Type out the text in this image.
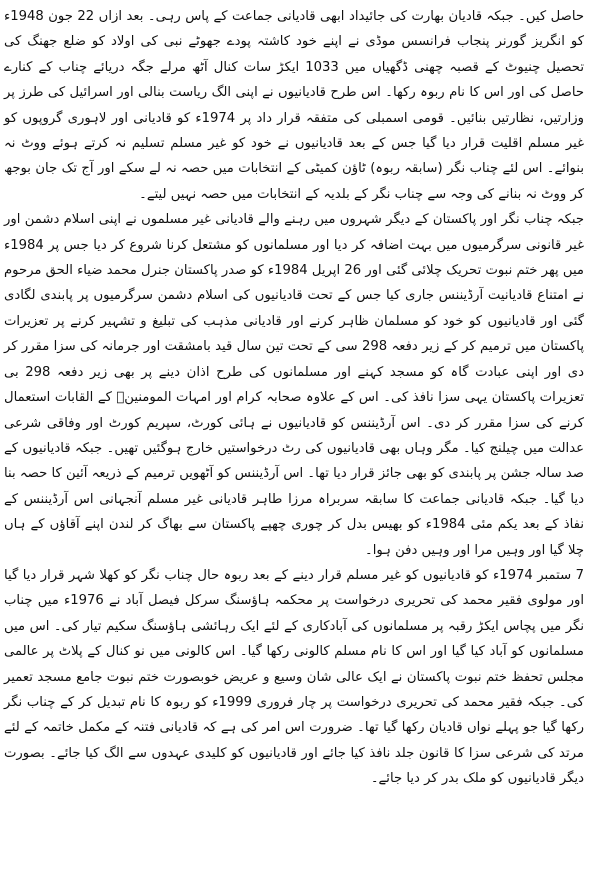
حاصل کیں۔ جبکہ قادیان بھارت کی جائیداد ابھی قادیانی جماعت کے پاس رہی۔ بعد ازاں 22 جون 1948ء کو انگریز گورنر پنجاب فرانسس موڈی نے اپنے خود کاشتہ پودے جھوٹے نبی کی اولاد کو ضلع جھنگ کی تحصیل چنیوٹ کے قصبہ چھنی ڈگھیاں میں 1033 ایکڑ سات کنال آٹھ مرلے جگہ دریائے چناب کے کنارے حاصل کی اور اس کا نام ربوہ رکھا۔ اس طرح قادیانیوں نے اپنی الگ ریاست بنالی اور اسرائیل کی طرز پر وزارتیں، نظارتیں بنائیں۔ قومی اسمبلی کی متفقہ قرار داد پر 1974ء کو قادیانی اور لاہوری گروپوں کو غیر مسلم اقلیت قرار دیا گیا جس کے بعد قادیانیوں نے خود کو غیر مسلم تسلیم نہ کرتے ہوئے ووٹ نہ بنوائے۔ اس لئے چناب نگر (سابقہ ربوہ) ٹاؤن کمیٹی کے انتخابات میں حصہ نہ لے سکے اور آج تک جان بوجھ کر ووٹ نہ بنانے کی وجہ سے چناب نگر کے بلدیہ کے انتخابات میں حصہ نہیں لیتے۔

جبکہ چناب نگر اور پاکستان کے دیگر شہروں میں رہنے والے قادیانی غیر مسلموں نے اپنی اسلام دشمن اور غیر قانونی سرگرمیوں میں بہت اضافہ کر دیا اور مسلمانوں کو مشتعل کرنا شروع کر دیا جس پر 1984ء میں پھر ختم نبوت تحریک چلائی گئی اور 26 اپریل 1984ء کو صدر پاکستان جنرل محمد ضیاء الحق مرحوم نے امتناع قادیانیت آرڈیننس جاری کیا جس کے تحت قادیانیوں کی اسلام دشمن سرگرمیوں پر پابندی لگادی گئی اور قادیانیوں کو خود کو مسلمان ظاہر کرنے اور قادیانی مذہب کی تبلیغ و تشہیر کرنے پر تعزیرات پاکستان میں ترمیم کر کے زیر دفعہ 298 سی کے تحت تین سال قید بامشقت اور جرمانہ کی سزا مقرر کر دی اور اپنی عبادت گاہ کو مسجد کہنے اور مسلمانوں کی طرح اذان دینے پر بھی زیر دفعہ 298 بی تعزیرات پاکستان یہی سزا نافذ کی۔ اس کے علاوہ صحابہ کرام اور امہات المومنینؓ کے القابات استعمال کرنے کی سزا مقرر کر دی۔ اس آرڈیننس کو قادیانیوں نے ہائی کورٹ، سپریم کورٹ اور وفاقی شرعی عدالت میں چیلنج کیا۔ مگر وہاں بھی قادیانیوں کی رٹ درخواستیں خارج ہوگئیں تھیں۔ جبکہ قادیانیوں کے صد سالہ جشن پر پابندی کو بھی جائز قرار دیا تھا۔ اس آرڈیننس کو آٹھویں ترمیم کے ذریعہ آئین کا حصہ بنا دیا گیا۔ جبکہ قادیانی جماعت کا سابقہ سربراہ مرزا طاہر قادیانی غیر مسلم آنجہانی اس آرڈیننس کے نفاذ کے بعد یکم مئی 1984ء کو بھیس بدل کر چوری چھپے پاکستان سے بھاگ کر لندن اپنے آقاؤں کے ہاں چلا گیا اور وہیں مرا اور وہیں دفن ہوا۔

7 ستمبر 1974ء کو قادیانیوں کو غیر مسلم قرار دینے کے بعد ربوہ حال چناب نگر کو کھلا شہر قرار دیا گیا اور مولوی فقیر محمد کی تحریری درخواست پر محکمہ ہاؤسنگ سرکل فیصل آباد نے 1976ء میں چناب نگر میں پچاس ایکڑ رقبہ پر مسلمانوں کی آبادکاری کے لئے ایک رہائشی ہاؤسنگ سکیم تیار کی۔ اس میں مسلمانوں کو آباد کیا گیا اور اس کا نام مسلم کالونی رکھا گیا۔ اس کالونی میں نو کنال کے پلاٹ پر عالمی مجلس تحفظ ختم نبوت پاکستان نے ایک عالی شان وسیع و عریض خوبصورت ختم نبوت جامع مسجد تعمیر کی۔ جبکہ فقیر محمد کی تحریری درخواست پر چار فروری 1999ء کو ربوہ کا نام تبدیل کر کے چناب نگر رکھا گیا جو پہلے نواں قادیان رکھا گیا تھا۔ ضرورت اس امر کی ہے کہ قادیانی فتنہ کے مکمل خاتمہ کے لئے مرتد کی شرعی سزا کا قانون جلد نافذ کیا جائے اور قادیانیوں کو کلیدی عہدوں سے الگ کیا جائے۔ بصورت دیگر قادیانیوں کو ملک بدر کر دیا جائے۔
